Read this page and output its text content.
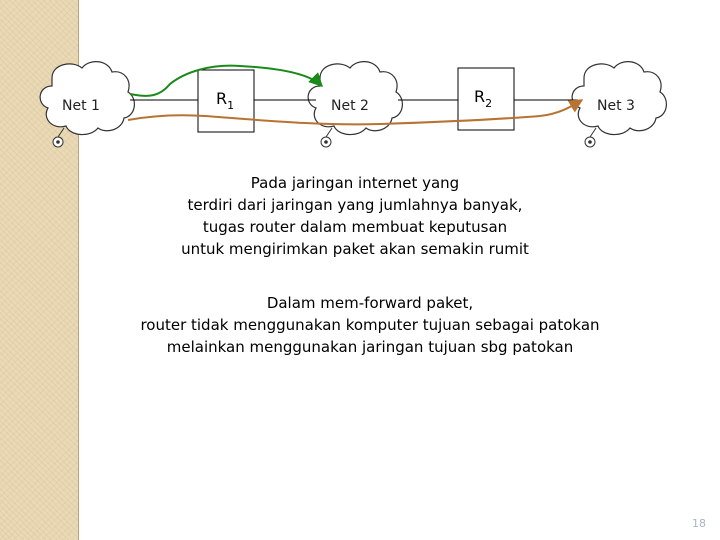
Net 1	Net 2	Net 3
$R_1$	$R_2$
Pada jaringan internet yang
terdiri dari jaringan yang jumlahnya banyak,
tugas router dalam membuat keputusan
untuk mengirimkan paket akan semakin rumit
Dalam mem-forward paket,
router tidak menggunakan komputer tujuan sebagai patokan
melainkan menggunakan jaringan tujuan sbg patokan
18
